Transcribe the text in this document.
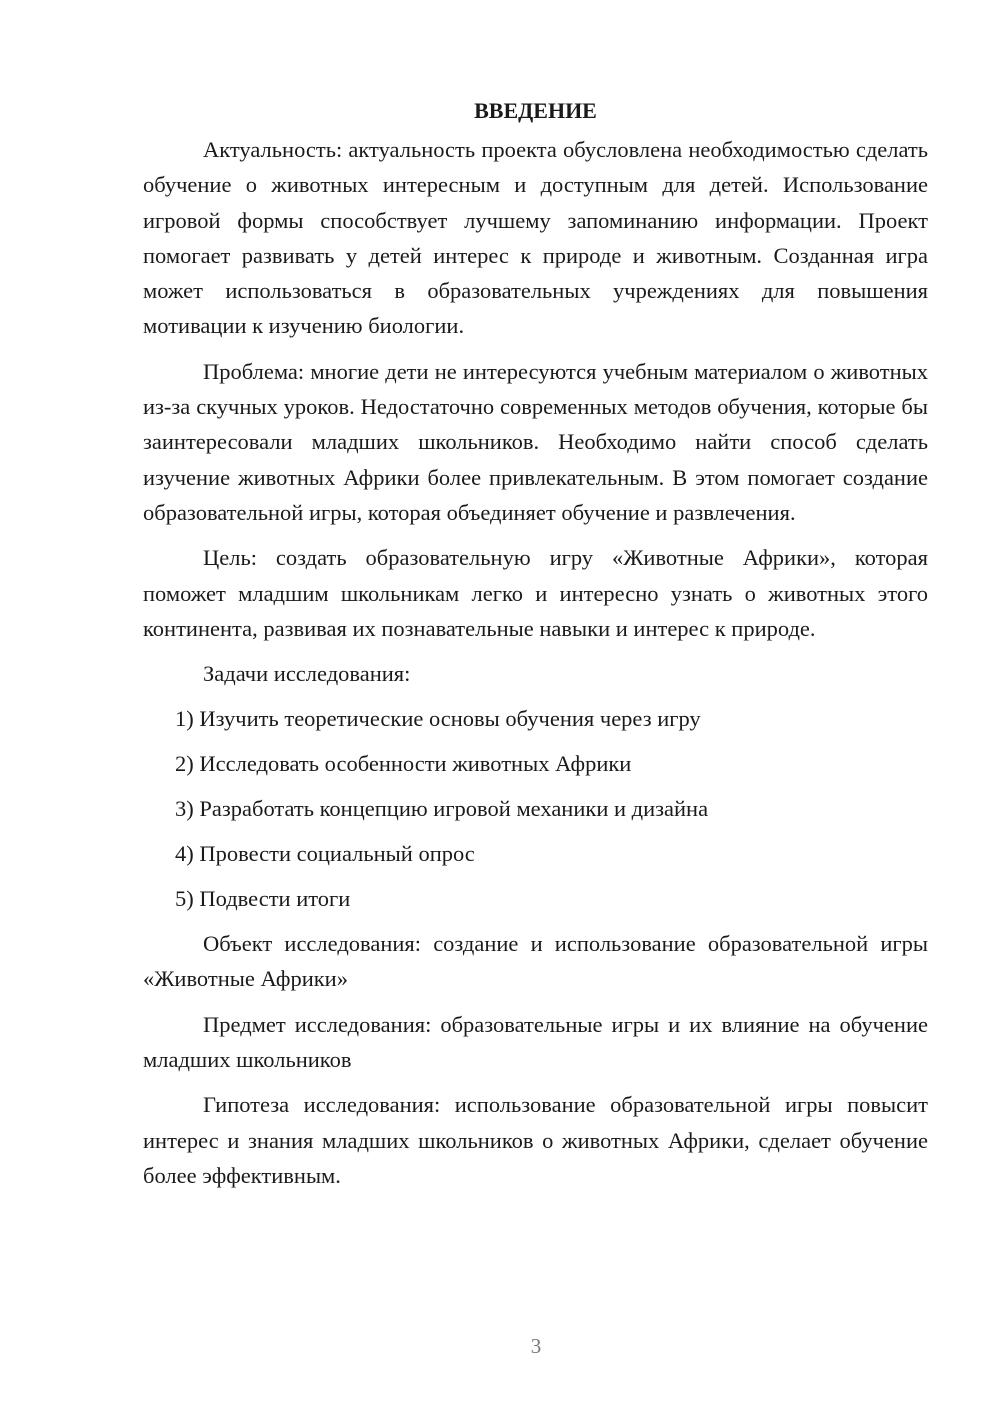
ВВЕДЕНИЕ

Актуальность: актуальность проекта обусловлена необходимостью сделать обучение о животных интересным и доступным для детей. Использование игровой формы способствует лучшему запоминанию информации. Проект помогает развивать у детей интерес к природе и животным. Созданная игра может использоваться в образовательных учреждениях для повышения мотивации к изучению биологии.

Проблема: многие дети не интересуются учебным материалом о животных из-за скучных уроков. Недостаточно современных методов обучения, которые бы заинтересовали младших школьников. Необходимо найти способ сделать изучение животных Африки более привлекательным. В этом помогает создание образовательной игры, которая объединяет обучение и развлечения.

Цель: создать образовательную игру «Животные Африки», которая поможет младшим школьникам легко и интересно узнать о животных этого континента, развивая их познавательные навыки и интерес к природе.

Задачи исследования:

1) Изучить теоретические основы обучения через игру
2) Исследовать особенности животных Африки
3) Разработать концепцию игровой механики и дизайна
4) Провести социальный опрос
5) Подвести итоги

Объект исследования: создание и использование образовательной игры «Животные Африки»

Предмет исследования: образовательные игры и их влияние на обучение младших школьников

Гипотеза исследования: использование образовательной игры повысит интерес и знания младших школьников о животных Африки, сделает обучение более эффективным.

3
